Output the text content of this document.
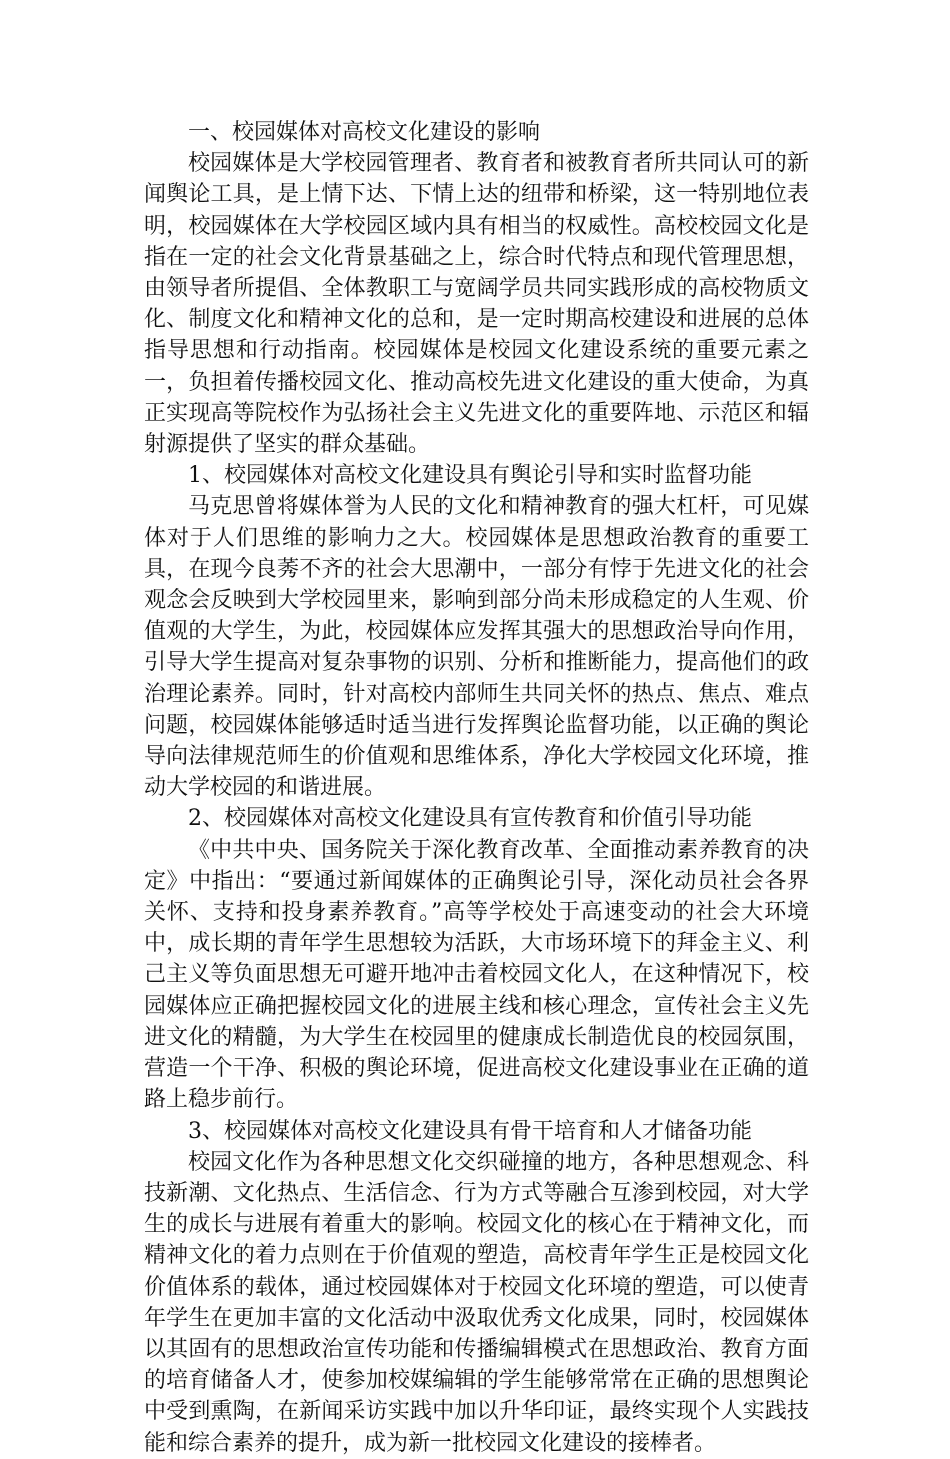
一、校园媒体对高校文化建设的影响

校园媒体是大学校园管理者、教育者和被教育者所共同认可的新闻舆论工具，是上情下达、下情上达的纽带和桥梁，这一特别地位表明，校园媒体在大学校园区域内具有相当的权威性。高校校园文化是指在一定的社会文化背景基础之上，综合时代特点和现代管理思想，由领导者所提倡、全体教职工与宽阔学员共同实践形成的高校物质文化、制度文化和精神文化的总和，是一定时期高校建设和进展的总体指导思想和行动指南。校园媒体是校园文化建设系统的重要元素之一，负担着传播校园文化、推动高校先进文化建设的重大使命，为真正实现高等院校作为弘扬社会主义先进文化的重要阵地、示范区和辐射源提供了坚实的群众基础。

1、校园媒体对高校文化建设具有舆论引导和实时监督功能

马克思曾将媒体誉为人民的文化和精神教育的强大杠杆，可见媒体对于人们思维的影响力之大。校园媒体是思想政治教育的重要工具，在现今良莠不齐的社会大思潮中，一部分有悖于先进文化的社会观念会反映到大学校园里来，影响到部分尚未形成稳定的人生观、价值观的大学生，为此，校园媒体应发挥其强大的思想政治导向作用，引导大学生提高对复杂事物的识别、分析和推断能力，提高他们的政治理论素养。同时，针对高校内部师生共同关怀的热点、焦点、难点问题，校园媒体能够适时适当进行发挥舆论监督功能，以正确的舆论导向法律规范师生的价值观和思维体系，净化大学校园文化环境，推动大学校园的和谐进展。

2、校园媒体对高校文化建设具有宣传教育和价值引导功能

《中共中央、国务院关于深化教育改革、全面推动素养教育的决定》中指出：“要通过新闻媒体的正确舆论引导，深化动员社会各界关怀、支持和投身素养教育。”高等学校处于高速变动的社会大环境中，成长期的青年学生思想较为活跃，大市场环境下的拜金主义、利己主义等负面思想无可避开地冲击着校园文化人，在这种情况下，校园媒体应正确把握校园文化的进展主线和核心理念，宣传社会主义先进文化的精髓，为大学生在校园里的健康成长制造优良的校园氛围，营造一个干净、积极的舆论环境，促进高校文化建设事业在正确的道路上稳步前行。

3、校园媒体对高校文化建设具有骨干培育和人才储备功能

校园文化作为各种思想文化交织碰撞的地方，各种思想观念、科技新潮、文化热点、生活信念、行为方式等融合互渗到校园，对大学生的成长与进展有着重大的影响。校园文化的核心在于精神文化，而精神文化的着力点则在于价值观的塑造，高校青年学生正是校园文化价值体系的载体，通过校园媒体对于校园文化环境的塑造，可以使青年学生在更加丰富的文化活动中汲取优秀文化成果，同时，校园媒体以其固有的思想政治宣传功能和传播编辑模式在思想政治、教育方面的培育储备人才，使参加校媒编辑的学生能够常常在正确的思想舆论中受到熏陶，在新闻采访实践中加以升华印证，最终实现个人实践技能和综合素养的提升，成为新一批校园文化建设的接棒者。
